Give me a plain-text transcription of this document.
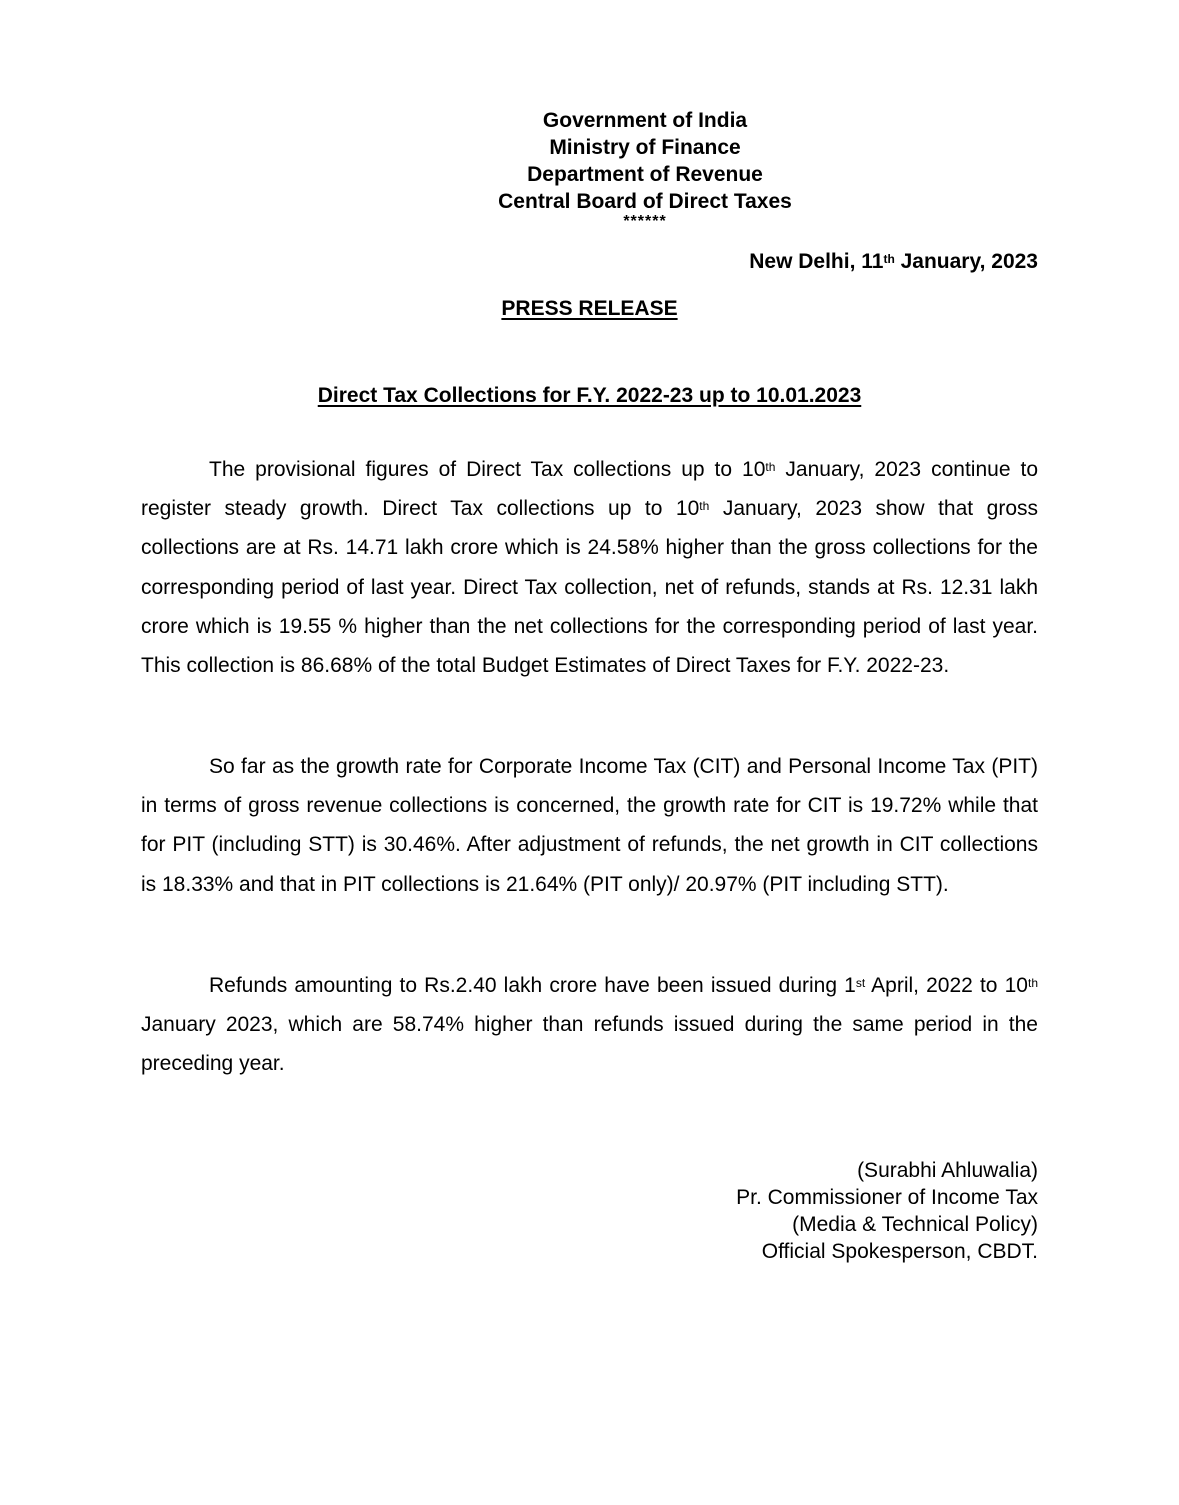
Government of India
Ministry of Finance
Department of Revenue
Central Board of Direct Taxes
******
New Delhi, 11th January, 2023
PRESS RELEASE
Direct Tax Collections for F.Y. 2022-23 up to 10.01.2023

The provisional figures of Direct Tax collections up to 10th January, 2023 continue to register steady growth. Direct Tax collections up to 10th January, 2023 show that gross collections are at Rs. 14.71 lakh crore which is 24.58% higher than the gross collections for the corresponding period of last year. Direct Tax collection, net of refunds, stands at Rs. 12.31 lakh crore which is 19.55 % higher than the net collections for the corresponding period of last year. This collection is 86.68% of the total Budget Estimates of Direct Taxes for F.Y. 2022-23.

So far as the growth rate for Corporate Income Tax (CIT) and Personal Income Tax (PIT) in terms of gross revenue collections is concerned, the growth rate for CIT is 19.72% while that for PIT (including STT) is 30.46%. After adjustment of refunds, the net growth in CIT collections is 18.33% and that in PIT collections is 21.64% (PIT only)/ 20.97% (PIT including STT).

Refunds amounting to Rs.2.40 lakh crore have been issued during 1st April, 2022 to 10th January 2023, which are 58.74% higher than refunds issued during the same period in the preceding year.

(Surabhi Ahluwalia)
Pr. Commissioner of Income Tax
(Media & Technical Policy)
Official Spokesperson, CBDT.
